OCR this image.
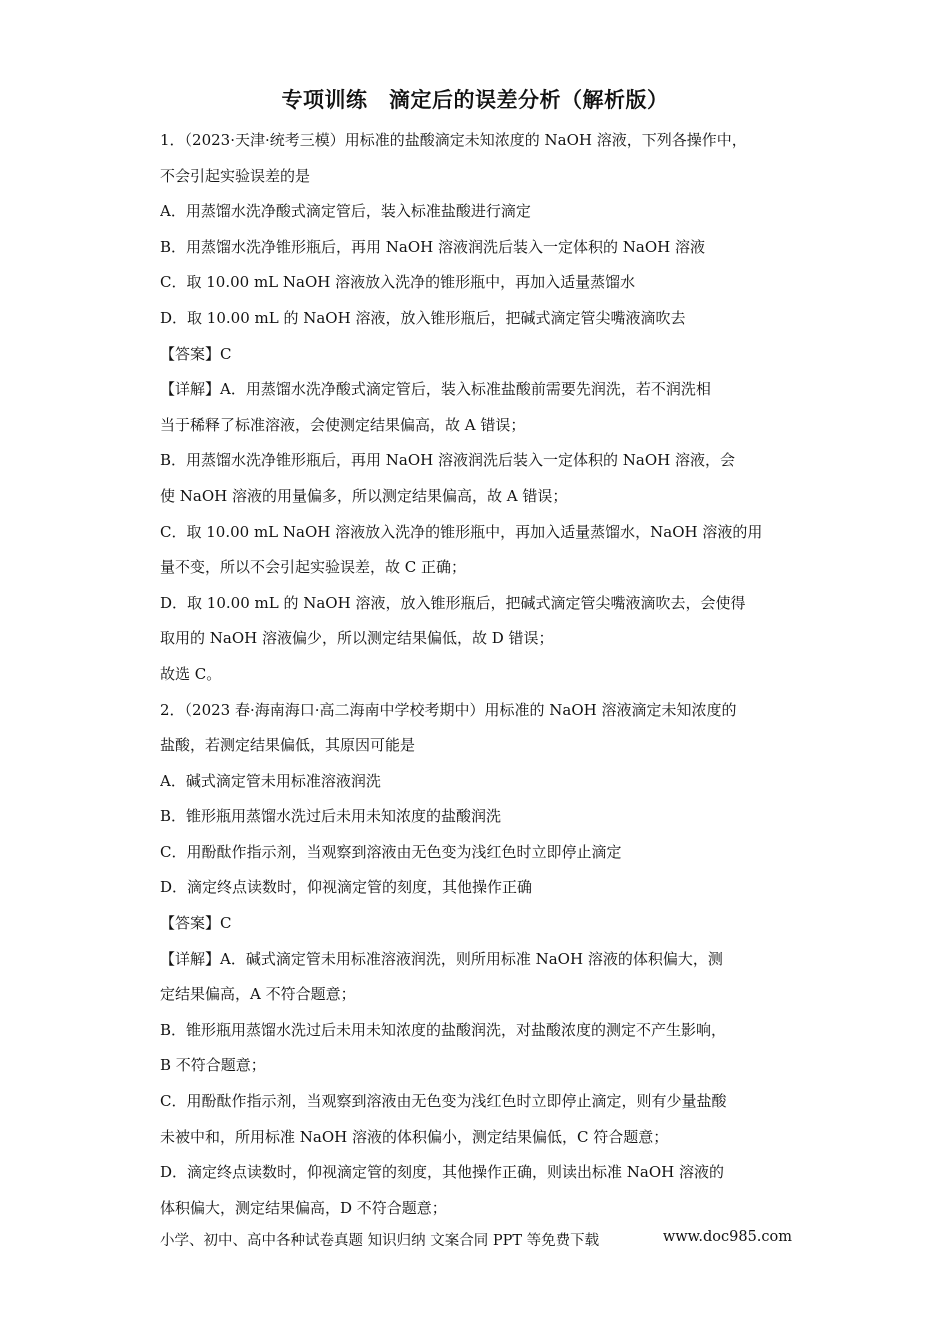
专项训练　滴定后的误差分析（解析版）
1．（2023·天津·统考三模）用标准的盐酸滴定未知浓度的 NaOH 溶液，下列各操作中，
不会引起实验误差的是
A．用蒸馏水洗净酸式滴定管后，装入标准盐酸进行滴定
B．用蒸馏水洗净锥形瓶后，再用 NaOH 溶液润洗后装入一定体积的 NaOH 溶液
C．取 10.00 mL NaOH 溶液放入洗净的锥形瓶中，再加入适量蒸馏水
D．取 10.00 mL 的 NaOH 溶液，放入锥形瓶后，把碱式滴定管尖嘴液滴吹去
【答案】C
【详解】A．用蒸馏水洗净酸式滴定管后，装入标准盐酸前需要先润洗，若不润洗相
当于稀释了标准溶液，会使测定结果偏高，故 A 错误；
B．用蒸馏水洗净锥形瓶后，再用 NaOH 溶液润洗后装入一定体积的 NaOH 溶液，会
使 NaOH 溶液的用量偏多，所以测定结果偏高，故 A 错误；
C．取 10.00 mL NaOH 溶液放入洗净的锥形瓶中，再加入适量蒸馏水，NaOH 溶液的用
量不变，所以不会引起实验误差，故 C 正确；
D．取 10.00 mL 的 NaOH 溶液，放入锥形瓶后，把碱式滴定管尖嘴液滴吹去，会使得
取用的 NaOH 溶液偏少，所以测定结果偏低，故 D 错误；
故选 C。
2．（2023 春·海南海口·高二海南中学校考期中）用标准的 NaOH 溶液滴定未知浓度的
盐酸，若测定结果偏低，其原因可能是
A．碱式滴定管未用标准溶液润洗
B．锥形瓶用蒸馏水洗过后未用未知浓度的盐酸润洗
C．用酚酞作指示剂，当观察到溶液由无色变为浅红色时立即停止滴定
D．滴定终点读数时，仰视滴定管的刻度，其他操作正确
【答案】C
【详解】A．碱式滴定管未用标准溶液润洗，则所用标准 NaOH 溶液的体积偏大，测
定结果偏高，A 不符合题意；
B．锥形瓶用蒸馏水洗过后未用未知浓度的盐酸润洗，对盐酸浓度的测定不产生影响，
B 不符合题意；
C．用酚酞作指示剂，当观察到溶液由无色变为浅红色时立即停止滴定，则有少量盐酸
未被中和，所用标准 NaOH 溶液的体积偏小，测定结果偏低，C 符合题意；
D．滴定终点读数时，仰视滴定管的刻度，其他操作正确，则读出标准 NaOH 溶液的
体积偏大，测定结果偏高，D 不符合题意；
小学、初中、高中各种试卷真题 知识归纳 文案合同 PPT 等免费下载	www.doc985.com
